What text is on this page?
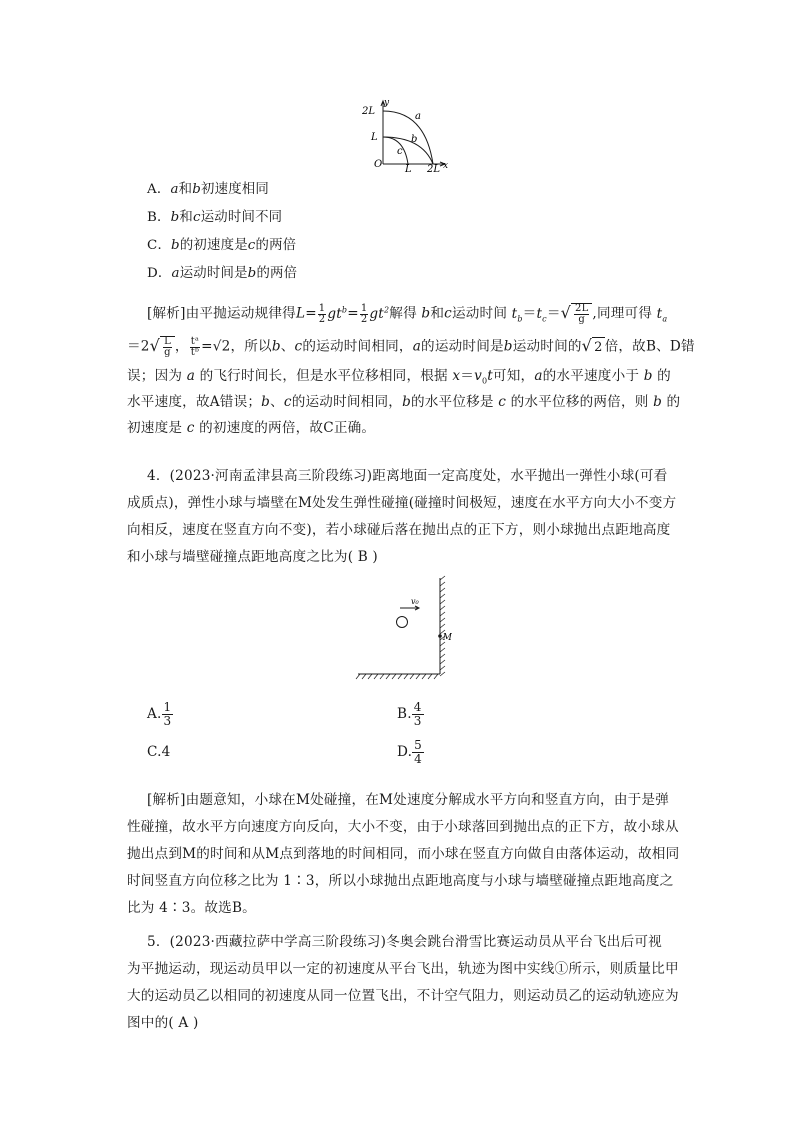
2L
y
L
O L 2L x
a
b
c
A．a和b初速度相同
B．b和c运动时间不同
C．b的初速度是c的两倍
D．a运动时间是b的两倍
[解析]由平抛运动规律得$L= \frac{1}{2} gt^b= \frac{1}{2} gt^2$解得 b和c运动时间 $t_b=t_c=√ \frac{2L}{g}$ ,同理可得 $t_a$
$=2√ \frac{L}{g}$ ， $\frac{\text{tᵃ}}{\text{tᵇ}} =√2$，所以b、c的运动时间相同，a的运动时间是b运动时间的√ 2 倍，故B、D错
误；因为 a 的飞行时间长，但是水平位移相同，根据 $x=v_0t$可知，a的水平速度小于 b 的
水平速度，故A错误；b、c的运动时间相同，b的水平位移是 c 的水平位移的两倍，则 b 的
初速度是 c 的初速度的两倍，故C正确。
4．(2023·河南孟津县高三阶段练习)距离地面一定高度处，水平抛出一弹性小球(可看
成质点)，弹性小球与墙壁在M处发生弹性碰撞(碰撞时间极短，速度在水平方向大小不变方
向相反，速度在竖直方向不变)，若小球碰后落在抛出点的正下方，则小球抛出点距地高度
和小球与墙壁碰撞点距地高度之比为( B )
v₀
M
A. $\frac{1}{3}$	B. $\frac{4}{3}$
C.4	D. $\frac{5}{4}$
[解析]由题意知，小球在M处碰撞，在M处速度分解成水平方向和竖直方向，由于是弹
性碰撞，故水平方向速度方向反向，大小不变，由于小球落回到抛出点的正下方，故小球从
抛出点到M的时间和从M点到落地的时间相同，而小球在竖直方向做自由落体运动，故相同
时间竖直方向位移之比为 1∶3，所以小球抛出点距地高度与小球与墙壁碰撞点距地高度之
比为 4∶3。故选B。
5．(2023·西藏拉萨中学高三阶段练习)冬奥会跳台滑雪比赛运动员从平台飞出后可视
为平抛运动，现运动员甲以一定的初速度从平台飞出，轨迹为图中实线①所示，则质量比甲
大的运动员乙以相同的初速度从同一位置飞出，不计空气阻力，则运动员乙的运动轨迹应为
图中的( A )
